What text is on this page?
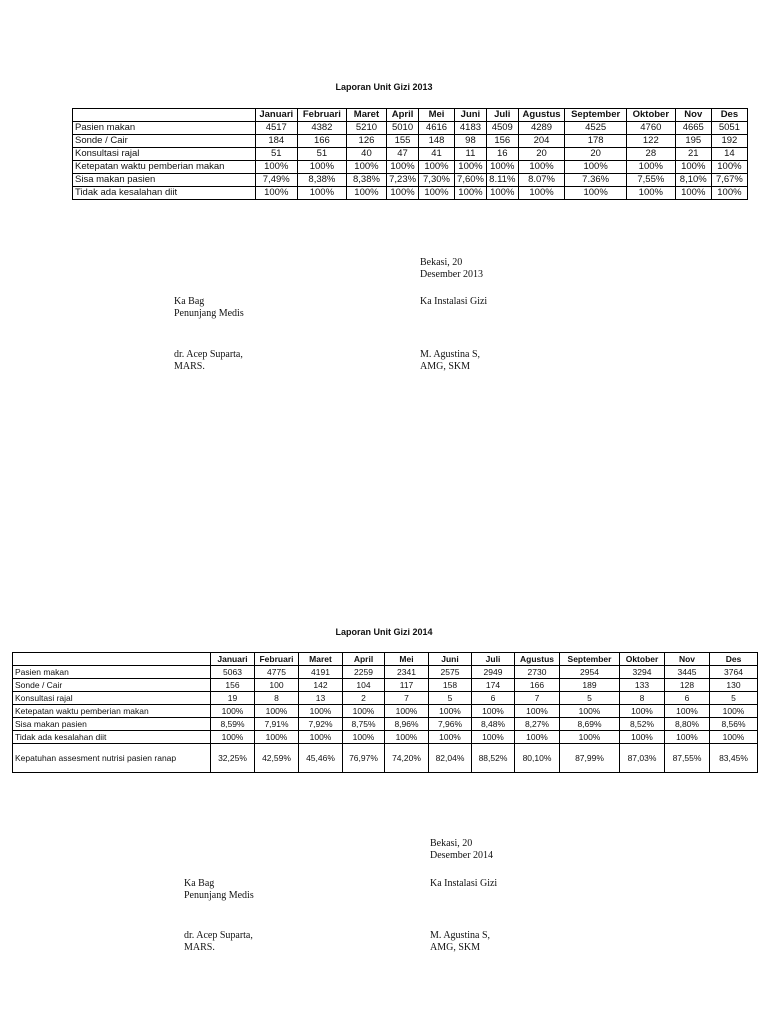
Laporan Unit Gizi 2013
	Januari	Februari	Maret	April	Mei	Juni	Juli	Agustus	September	Oktober	Nov	Des
Pasien makan	4517	4382	5210	5010	4616	4183	4509	4289	4525	4760	4665	5051
Sonde / Cair	184	166	126	155	148	98	156	204	178	122	195	192
Konsultasi rajal	51	51	40	47	41	11	16	20	20	28	21	14
Ketepatan waktu pemberian makan	100%	100%	100%	100%	100%	100%	100%	100%	100%	100%	100%	100%
Sisa makan pasien	7,49%	8,38%	8,38%	7,23%	7,30%	7,60%	8.11%	8.07%	7.36%	7,55%	8,10%	7,67%
Tidak ada kesalahan diit	100%	100%	100%	100%	100%	100%	100%	100%	100%	100%	100%	100%
Bekasi, 20
Desember 2013
Ka Bag
Penunjang Medis
Ka Instalasi Gizi
dr. Acep Suparta,
MARS.
M. Agustina S,
AMG, SKM
Laporan Unit Gizi 2014
	Januari	Februari	Maret	April	Mei	Juni	Juli	Agustus	September	Oktober	Nov	Des
Pasien makan	5063	4775	4191	2259	2341	2575	2949	2730	2954	3294	3445	3764
Sonde / Cair	156	100	142	104	117	158	174	166	189	133	128	130
Konsultasi rajal	19	8	13	2	7	5	6	7	5	8	6	5
Ketepatan waktu pemberian makan	100%	100%	100%	100%	100%	100%	100%	100%	100%	100%	100%	100%
Sisa makan pasien	8,59%	7,91%	7,92%	8,75%	8,96%	7,96%	8,48%	8,27%	8,69%	8,52%	8,80%	8,56%
Tidak ada kesalahan diit	100%	100%	100%	100%	100%	100%	100%	100%	100%	100%	100%	100%
Kepatuhan assesment nutrisi pasien ranap	32,25%	42,59%	45,46%	76,97%	74,20%	82,04%	88,52%	80,10%	87,99%	87,03%	87,55%	83,45%
Bekasi, 20
Desember 2014
Ka Bag
Penunjang Medis
Ka Instalasi Gizi
dr. Acep Suparta,
MARS.
M. Agustina S,
AMG, SKM
